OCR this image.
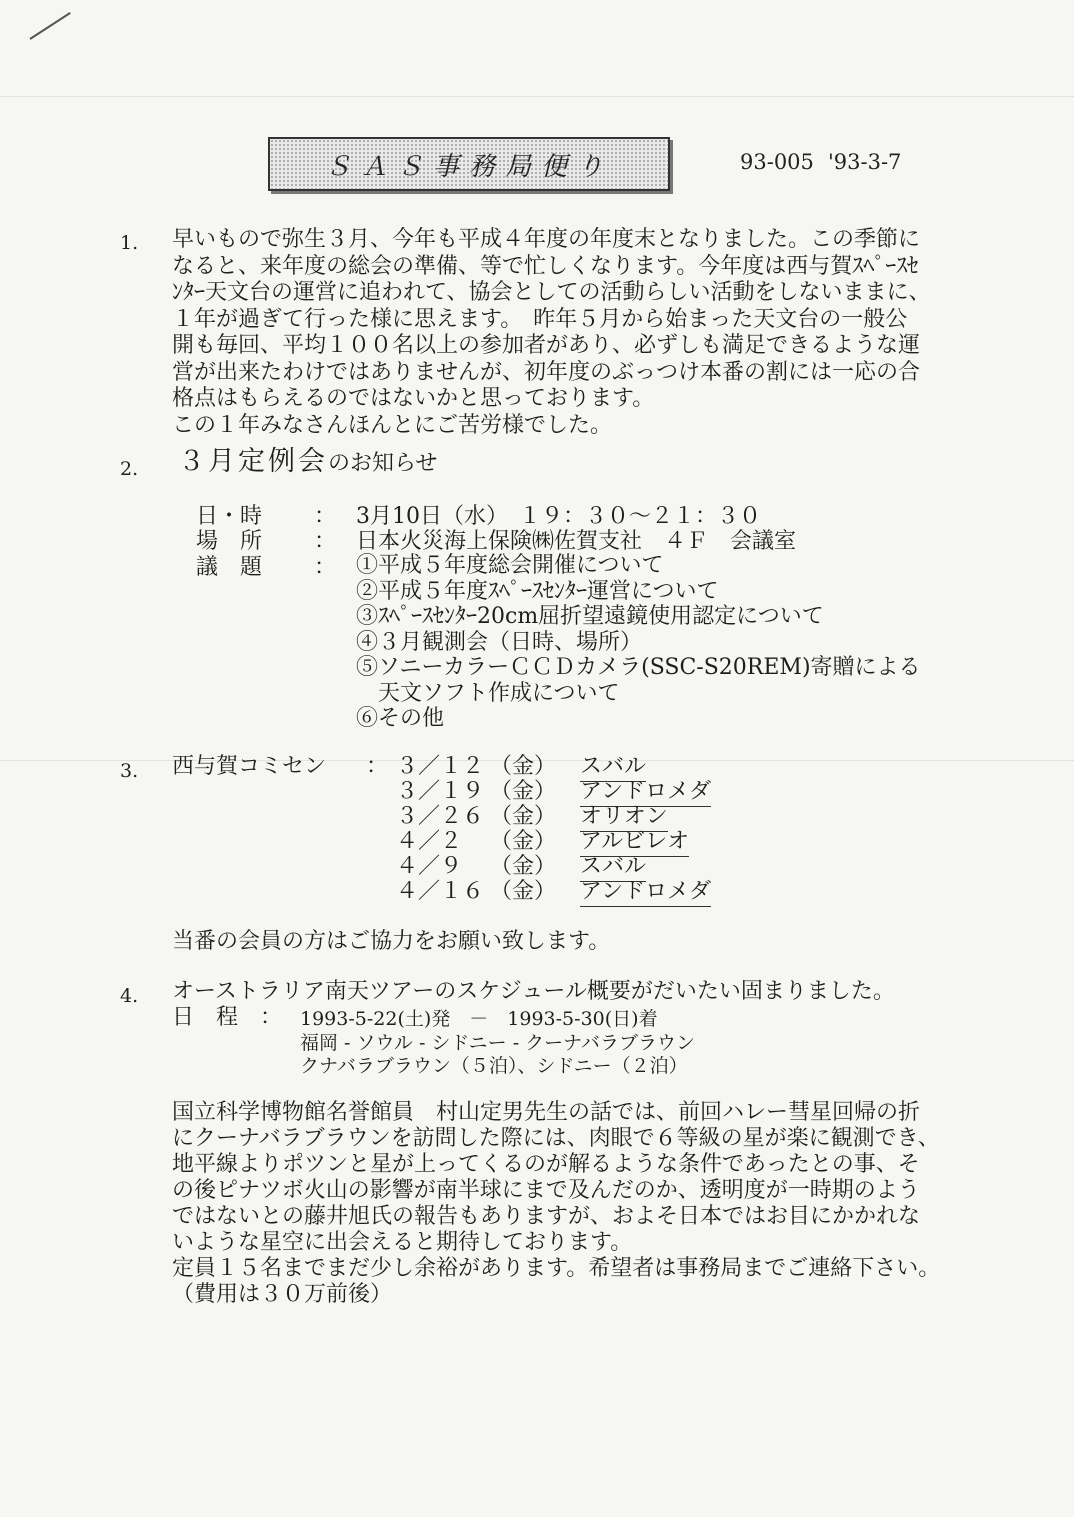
ＳＡＳ事務局便り	93-005 '93-3-7
1. 早いもので弥生３月、今年も平成４年度の年度末となりました。この季節に
なると、来年度の総会の準備、等で忙しくなります。今年度は西与賀ｽﾍﾟｰｽｾ
ﾝﾀｰ天文台の運営に追われて、協会としての活動らしい活動をしないままに、
１年が過ぎて行った様に思えます。　昨年５月から始まった天文台の一般公
開も毎回、平均１００名以上の参加者があり、必ずしも満足できるような運
営が出来たわけではありませんが、初年度のぶっつけ本番の割には一応の合
格点はもらえるのではないかと思っております。
この１年みなさんほんとにご苦労様でした。
2. ３月定例会のお知らせ
日・時 ： 3月10日（水）　１９：３０～２１：３０
場　所 ： 日本火災海上保険㈱佐賀支社　４Ｆ　会議室
議　題 ： ①平成５年度総会開催について
②平成５年度ｽﾍﾟｰｽｾﾝﾀｰ運営について
③ｽﾍﾟｰｽｾﾝﾀｰ20cm屈折望遠鏡使用認定について
④３月観測会（日時、場所）
⑤ソニーカラーＣＣＤカメラ(SSC-S20REM)寄贈による
　天文ソフト作成について
⑥その他
3. 西与賀コミセン ： ３／１２ （金） スバル
３／１９ （金） アンドロメダ
３／２６ （金） オリオン
４／２ （金） アルビレオ
４／９ （金） スバル
４／１６ （金） アンドロメダ
当番の会員の方はご協力をお願い致します。
4. オーストラリア南天ツアーのスケジュール概要がだいたい固まりました。
日　程　： 1993-5-22(土)発　－　1993-5-30(日)着
福岡 - ソウル - シドニー - クーナバラブラウン
クナバラブラウン（５泊）、シドニー（２泊）
国立科学博物館名誉館員　村山定男先生の話では、前回ハレー彗星回帰の折
にクーナバラブラウンを訪問した際には、肉眼で６等級の星が楽に観測でき、
地平線よりポツンと星が上ってくるのが解るような条件であったとの事、そ
の後ピナツボ火山の影響が南半球にまで及んだのか、透明度が一時期のよう
ではないとの藤井旭氏の報告もありますが、およそ日本ではお目にかかれな
いような星空に出会えると期待しております。
定員１５名までまだ少し余裕があります。希望者は事務局までご連絡下さい。
（費用は３０万前後）
